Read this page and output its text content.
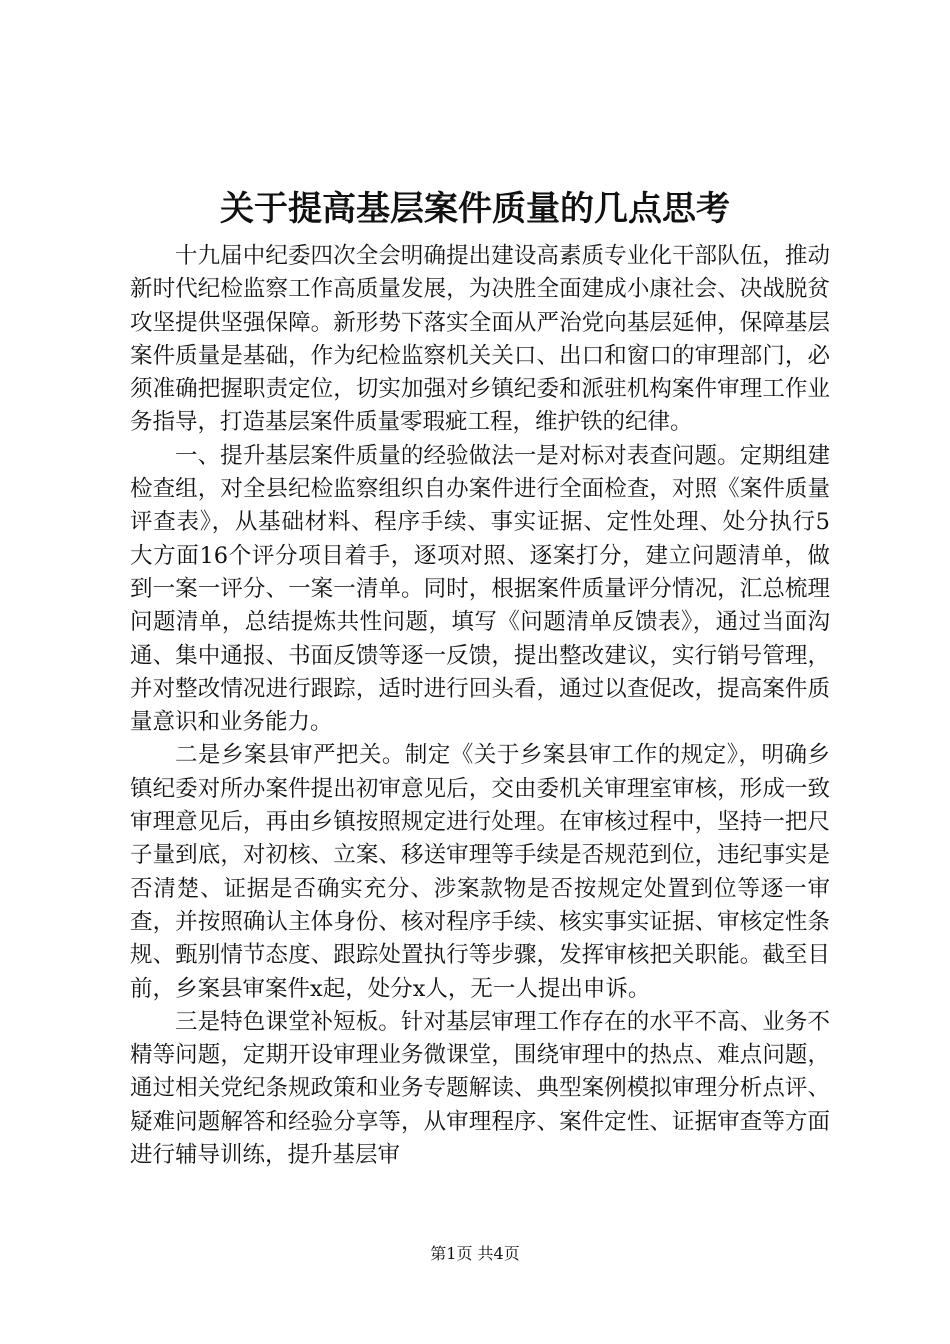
关于提高基层案件质量的几点思考

十九届中纪委四次全会明确提出建设高素质专业化干部队伍，推动新时代纪检监察工作高质量发展，为决胜全面建成小康社会、决战脱贫攻坚提供坚强保障。新形势下落实全面从严治党向基层延伸，保障基层案件质量是基础，作为纪检监察机关关口、出口和窗口的审理部门，必须准确把握职责定位，切实加强对乡镇纪委和派驻机构案件审理工作业务指导，打造基层案件质量零瑕疵工程，维护铁的纪律。

一、提升基层案件质量的经验做法一是对标对表查问题。定期组建检查组，对全县纪检监察组织自办案件进行全面检查，对照《案件质量评查表》，从基础材料、程序手续、事实证据、定性处理、处分执行5大方面16个评分项目着手，逐项对照、逐案打分，建立问题清单，做到一案一评分、一案一清单。同时，根据案件质量评分情况，汇总梳理问题清单，总结提炼共性问题，填写《问题清单反馈表》，通过当面沟通、集中通报、书面反馈等逐一反馈，提出整改建议，实行销号管理，并对整改情况进行跟踪，适时进行回头看，通过以查促改，提高案件质量意识和业务能力。

二是乡案县审严把关。制定《关于乡案县审工作的规定》，明确乡镇纪委对所办案件提出初审意见后，交由委机关审理室审核，形成一致审理意见后，再由乡镇按照规定进行处理。在审核过程中，坚持一把尺子量到底，对初核、立案、移送审理等手续是否规范到位，违纪事实是否清楚、证据是否确实充分、涉案款物是否按规定处置到位等逐一审查，并按照确认主体身份、核对程序手续、核实事实证据、审核定性条规、甄别情节态度、跟踪处置执行等步骤，发挥审核把关职能。截至目前，乡案县审案件x起，处分x人，无一人提出申诉。

三是特色课堂补短板。针对基层审理工作存在的水平不高、业务不精等问题，定期开设审理业务微课堂，围绕审理中的热点、难点问题，通过相关党纪条规政策和业务专题解读、典型案例模拟审理分析点评、疑难问题解答和经验分享等，从审理程序、案件定性、证据审查等方面进行辅导训练，提升基层审

第1页 共4页
